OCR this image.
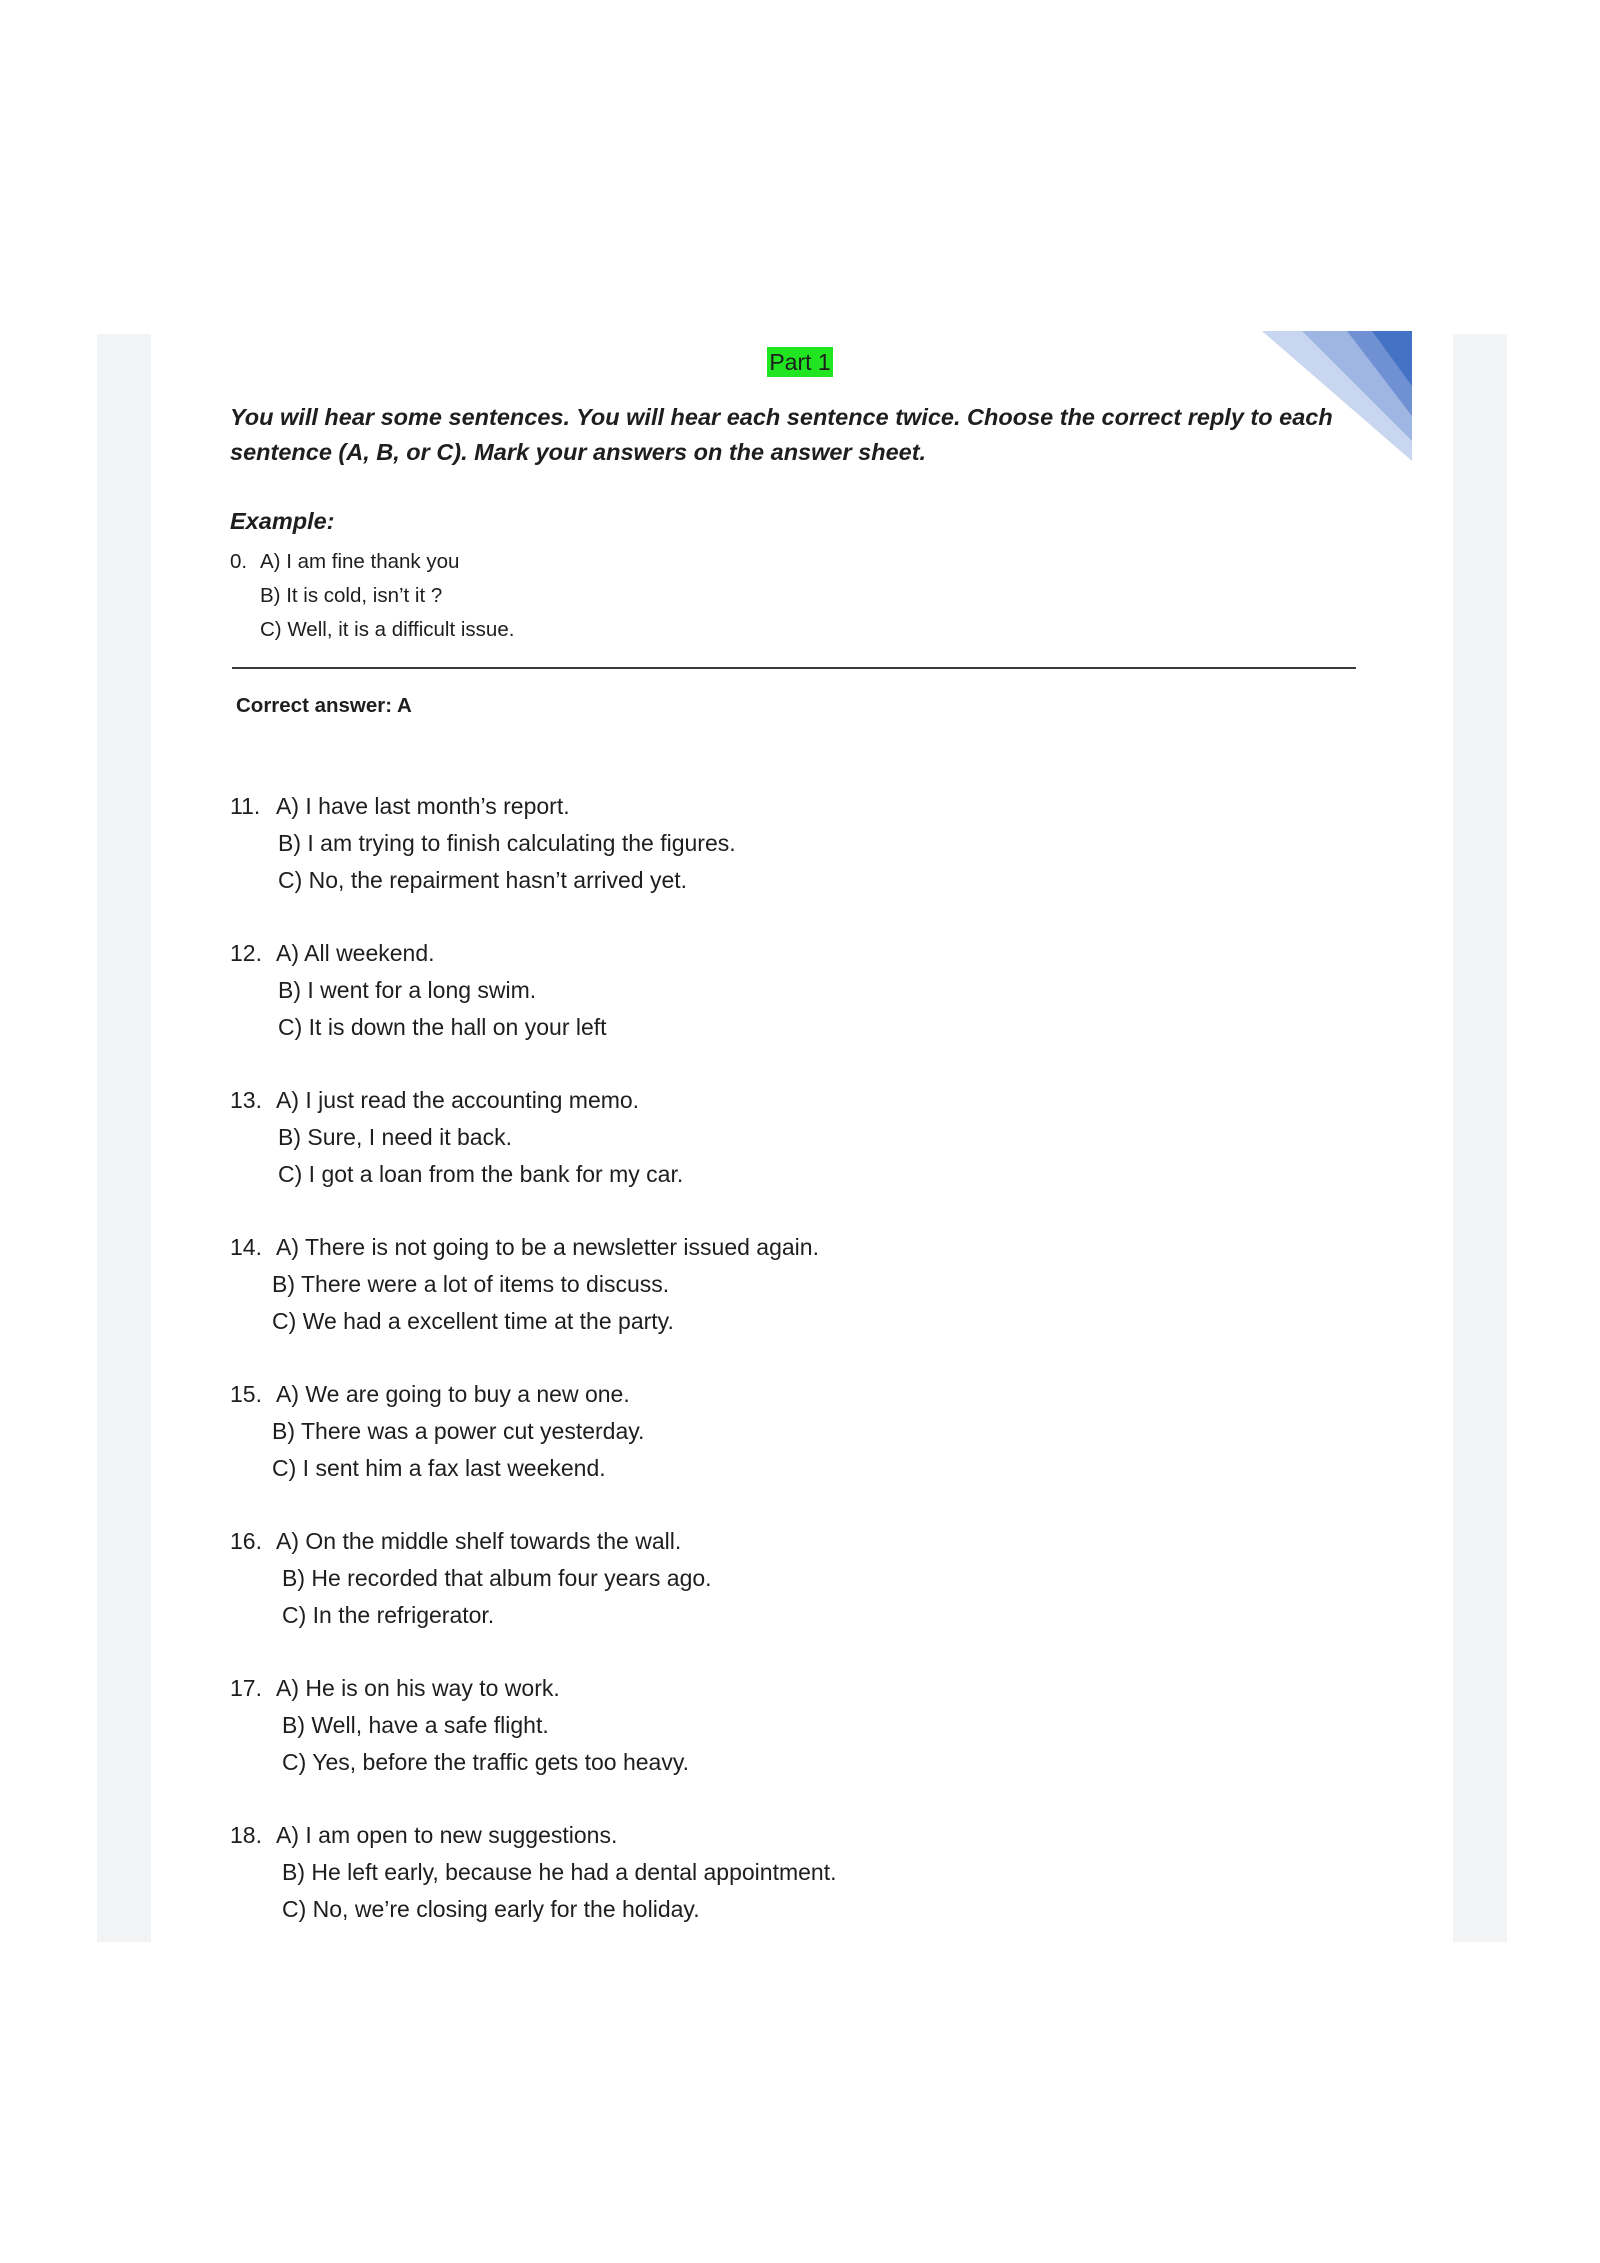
Part 1
You will hear some sentences. You will hear each sentence twice. Choose the correct reply to each sentence (A, B, or C). Mark your answers on the answer sheet.
Example:
0. A) I am fine thank you
B) It is cold, isn’t it ?
C) Well, it is a difficult issue.
Correct answer: A
11. A) I have last month’s report.
B) I am trying to finish calculating the figures.
C) No, the repairment hasn’t arrived yet.
12. A) All weekend.
B) I went for a long swim.
C) It is down the hall on your left
13. A) I just read the accounting memo.
B) Sure, I need it back.
C) I got a loan from the bank for my car.
14. A) There is not going to be a newsletter issued again.
B) There were a lot of items to discuss.
C) We had a excellent time at the party.
15. A) We are going to buy a new one.
B) There was a power cut yesterday.
C) I sent him a fax last weekend.
16. A) On the middle shelf towards the wall.
B) He recorded that album four years ago.
C) In the refrigerator.
17. A) He is on his way to work.
B) Well, have a safe flight.
C) Yes, before the traffic gets too heavy.
18. A) I am open to new suggestions.
B) He left early, because he had a dental appointment.
C) No, we’re closing early for the holiday.
